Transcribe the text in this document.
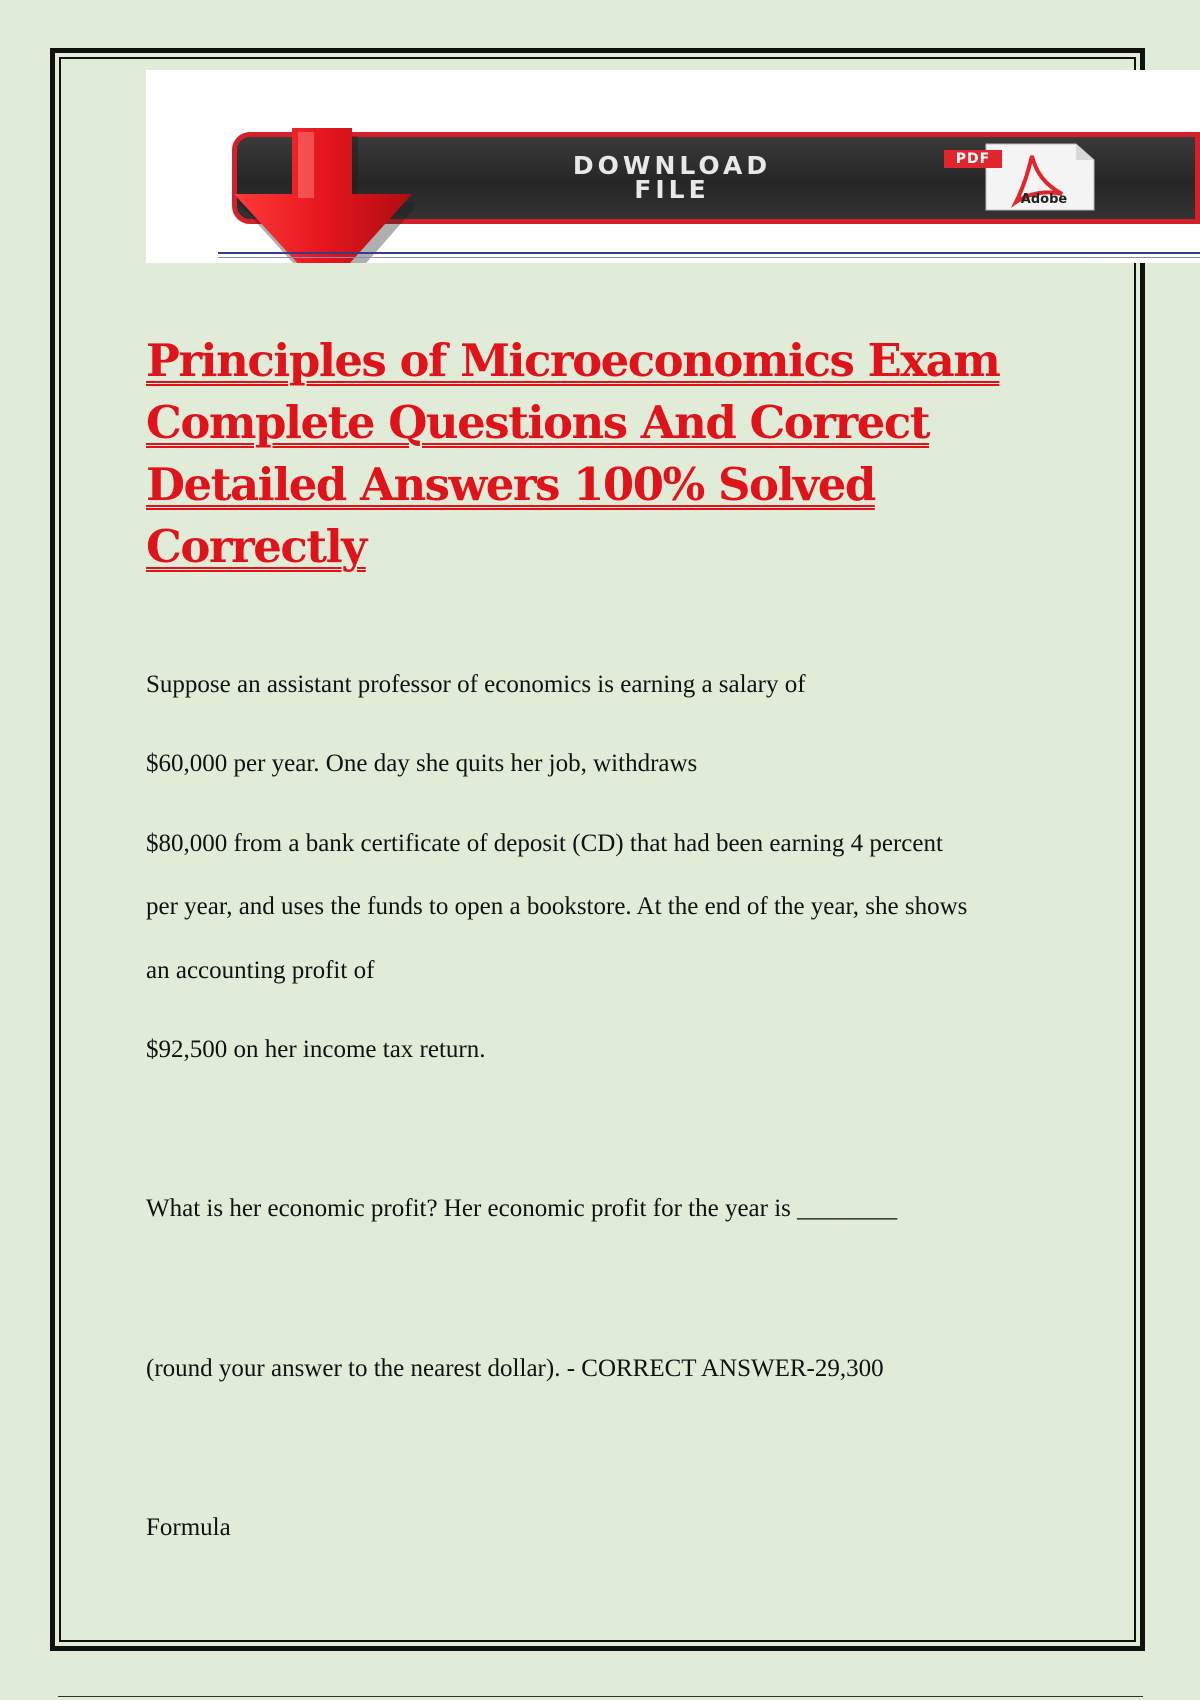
DOWNLOAD
FILE
PDF
Adobe
Principles of Microeconomics Exam Complete Questions And Correct Detailed Answers 100% Solved Correctly

Suppose an assistant professor of economics is earning a salary of

$60,000 per year. One day she quits her job, withdraws

$80,000 from a bank certificate of deposit (CD) that had been earning 4 percent

per year, and uses the funds to open a bookstore. At the end of the year, she shows

an accounting profit of

$92,500 on her income tax return.

What is her economic profit? Her economic profit for the year is ________

(round your answer to the nearest dollar). - CORRECT ANSWER-29,300

Formula
